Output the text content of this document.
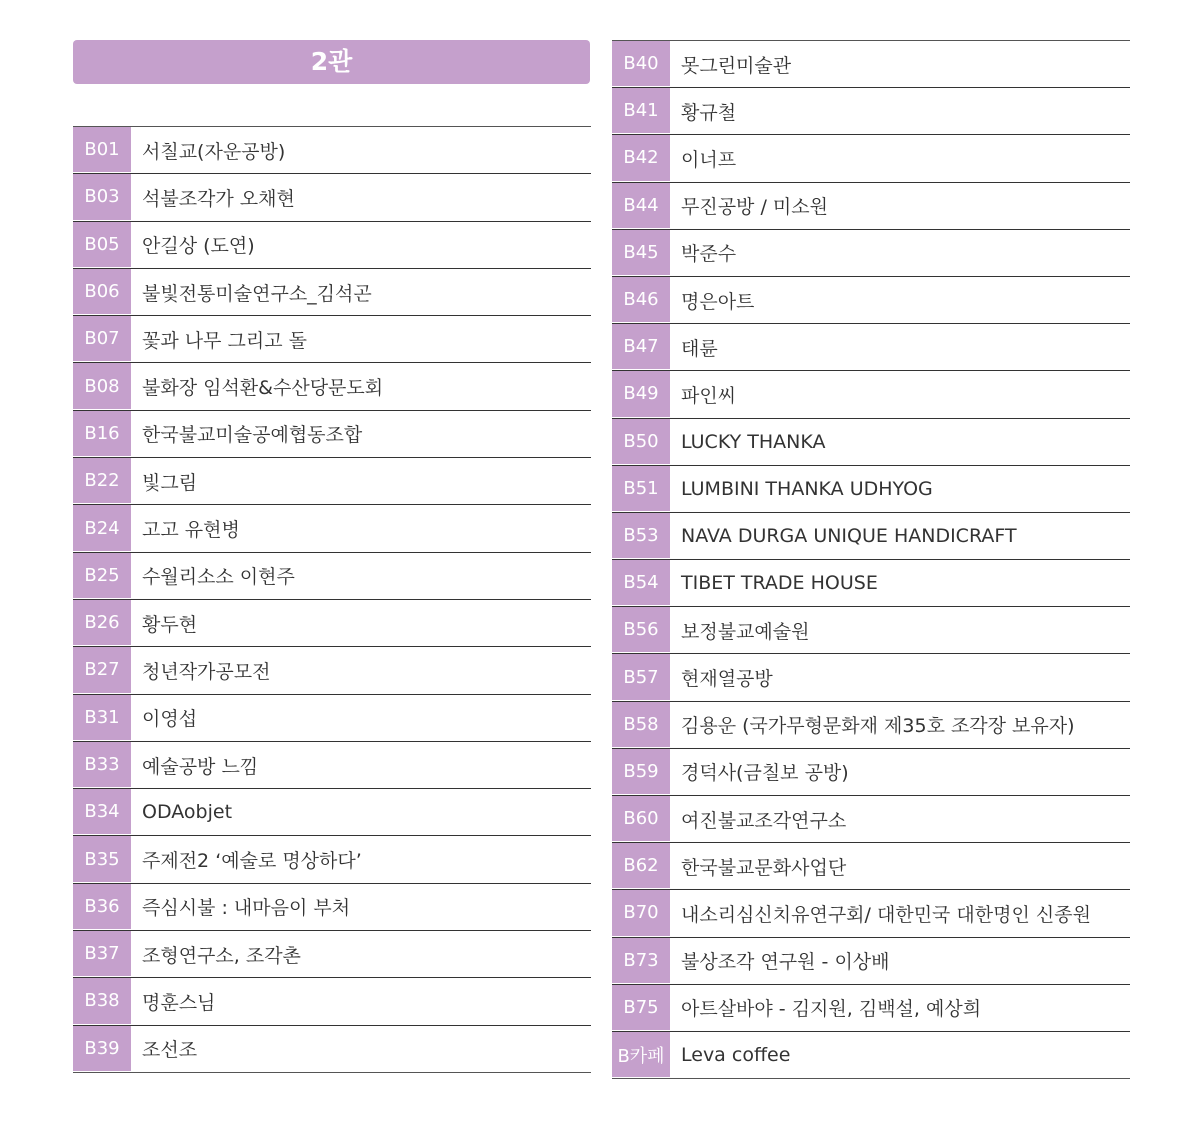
2관
B01	서칠교(자운공방)
B03	석불조각가 오채현
B05	안길상 (도연)
B06	불빛전통미술연구소_김석곤
B07	꽃과 나무 그리고 돌
B08	불화장 임석환&수산당문도회
B16	한국불교미술공예협동조합
B22	빛그림
B24	고고 유현병
B25	수월리소소 이현주
B26	황두현
B27	청년작가공모전
B31	이영섭
B33	예술공방 느낌
B34	ODAobjet
B35	주제전2 ‘예술로 명상하다’
B36	즉심시불 : 내마음이 부처
B37	조형연구소, 조각촌
B38	명훈스님
B39	조선조
B40	못그린미술관
B41	황규철
B42	이너프
B44	무진공방 / 미소원
B45	박준수
B46	명은아트
B47	태륜
B49	파인씨
B50	LUCKY THANKA
B51	LUMBINI THANKA UDHYOG
B53	NAVA DURGA UNIQUE HANDICRAFT
B54	TIBET TRADE HOUSE
B56	보정불교예술원
B57	현재열공방
B58	김용운 (국가무형문화재 제35호 조각장 보유자)
B59	경덕사(금칠보 공방)
B60	여진불교조각연구소
B62	한국불교문화사업단
B70	내소리심신치유연구회/ 대한민국 대한명인 신종원
B73	불상조각 연구원 - 이상배
B75	아트살바야 - 김지원, 김백설, 예상희
B카페 Leva coffee
